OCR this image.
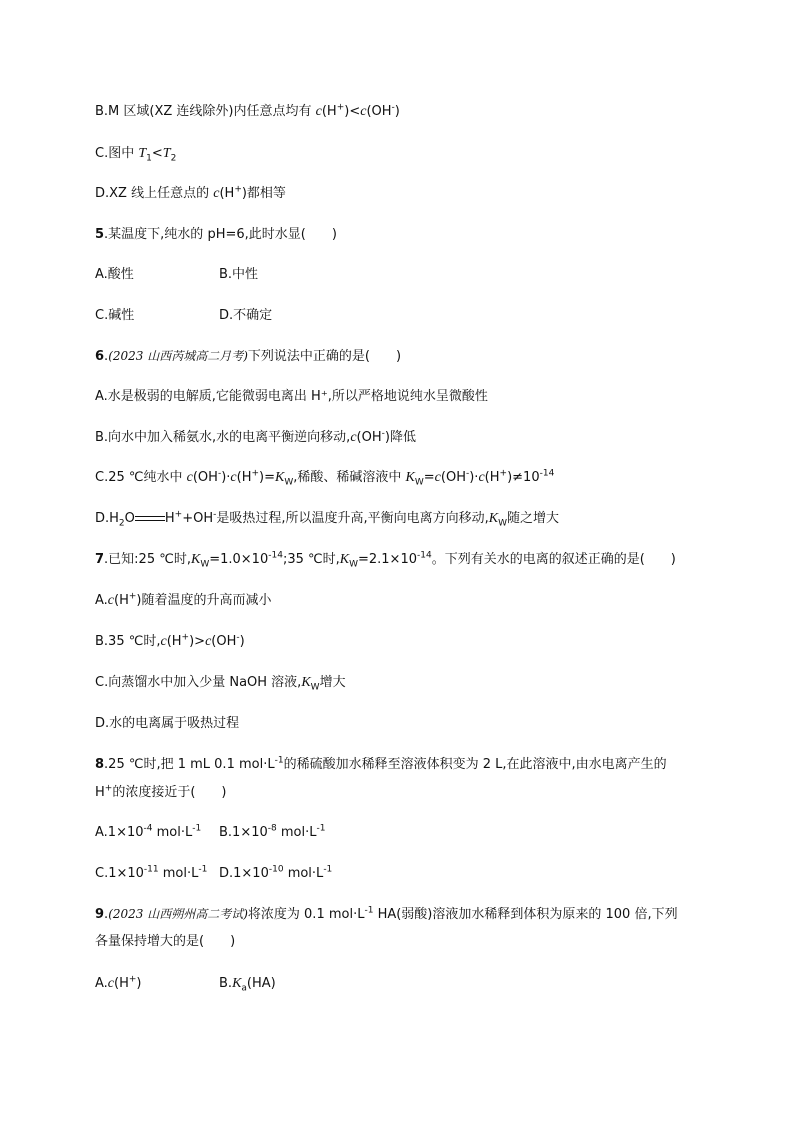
B.M 区域(XZ 连线除外)内任意点均有 c(H+)<c(OH-)
C.图中 $T_1<T_2$
D.XZ 线上任意点的 c(H+)都相等
5.某温度下,纯水的 pH=6,此时水显(　　)
A.酸性	B.中性
C.碱性	D.不确定
6.(2023 山西芮城高二月考)下列说法中正确的是(　　)
A.水是极弱的电解质,它能微弱电离出 H⁺,所以严格地说纯水呈微酸性
B.向水中加入稀氨水,水的电离平衡逆向移动,c(OH-)降低
C.25 ℃纯水中 $c(OH^-)\cdot c(H^+)=K_W$,稀酸、稀碱溶液中 $K_W=c(OH^-)\cdot c(H^+)\ne 10^{-14}$
$D.H_2O$ H++OH-是吸热过程,所以温度升高,平衡向电离方向移动$,K_W$随之增大
7.已知:25 ℃时$,K_W=1.0\times 10^{-14};35$ ℃时$,K_W=2.1\times 10^{-14}$。下列有关水的电离的叙述正确的是(　　)
A.c(H+)随着温度的升高而减小
B.35 ℃时,c(H+)>c(OH-)
C.向蒸馏水中加入少量 NaOH 溶液$,K_W$增大
D.水的电离属于吸热过程
8.25 ℃时,把 1 mL 0.1 $mol\cdot L^{-1}$的稀硫酸加水稀释至溶液体积变为 2 L,在此溶液中,由水电离产生的
H+的浓度接近于(　　)
$A.1\times 10^{-4}$ $mol\cdot L^{-1}$ $B.1\times 10^{-8}$ $mol\cdot L^{-1}$
$C.1\times 10^{-11}$ $mol\cdot L^{-1}$ $D.1\times 10^{-10}$ $mol\cdot L^{-1}$
9.(2023 山西朔州高二考试)将浓度为 0.1 $mol\cdot L^{-1}$ HA(弱酸)溶液加水稀释到体积为原来的 100 倍,下列
各量保持增大的是(　　)
A.c(H+)	$B.K_a(HA)$
